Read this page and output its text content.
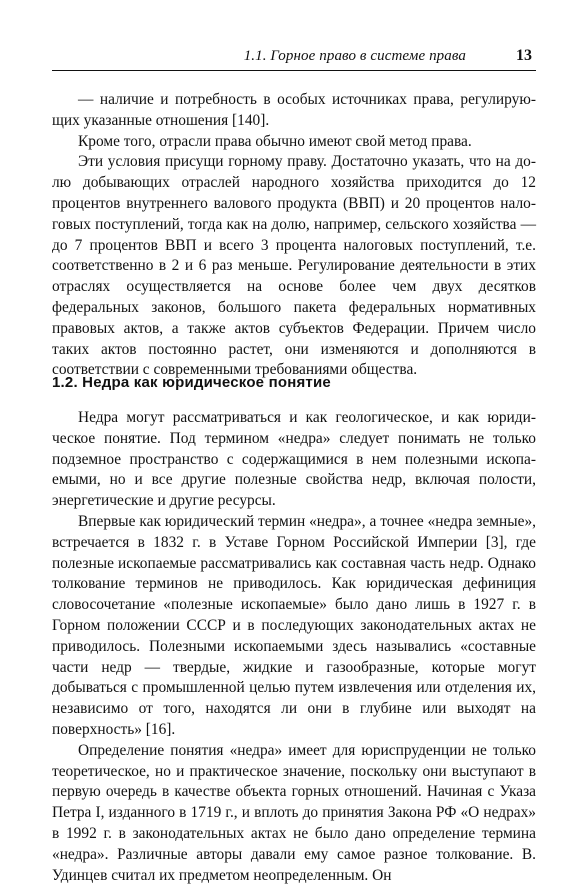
1.1. Горное право в системе права	13

— наличие и потребность в особых источниках права, регулирующих указанные отношения [140].

Кроме того, отрасли права обычно имеют свой метод права.

Эти условия присущи горному праву. Достаточно указать, что на долю добывающих отраслей народного хозяйства приходится до 12 процентов внутреннего валового продукта (ВВП) и 20 процентов налоговых поступлений, тогда как на долю, например, сельского хозяйства — до 7 процентов ВВП и всего 3 процента налоговых поступлений, т.е. соответственно в 2 и 6 раз меньше. Регулирование деятельности в этих отраслях осуществляется на основе более чем двух десятков федеральных законов, большого пакета федеральных нормативных правовых актов, а также актов субъектов Федерации. Причем число таких актов постоянно растет, они изменяются и дополняются в соответствии с современными требованиями общества.

1.2. Недра как юридическое понятие

Недра могут рассматриваться и как геологическое, и как юридическое понятие. Под термином «недра» следует понимать не только подземное пространство с содержащимися в нем полезными ископаемыми, но и все другие полезные свойства недр, включая полости, энергетические и другие ресурсы.

Впервые как юридический термин «недра», а точнее «недра земные», встречается в 1832 г. в Уставе Горном Российской Империи [3], где полезные ископаемые рассматривались как составная часть недр. Однако толкование терминов не приводилось. Как юридическая дефиниция словосочетание «полезные ископаемые» было дано лишь в 1927 г. в Горном положении СССР и в последующих законодательных актах не приводилось. Полезными ископаемыми здесь назывались «составные части недр — твердые, жидкие и газообразные, которые могут добываться с промышленной целью путем извлечения или отделения их, независимо от того, находятся ли они в глубине или выходят на поверхность» [16].

Определение понятия «недра» имеет для юриспруденции не только теоретическое, но и практическое значение, поскольку они выступают в первую очередь в качестве объекта горных отношений. Начиная с Указа Петра I, изданного в 1719 г., и вплоть до принятия Закона РФ «О недрах» в 1992 г. в законодательных актах не было дано определение термина «недра». Различные авторы давали ему самое разное толкование. В. Удинцев считал их предметом неопределенным. Он
